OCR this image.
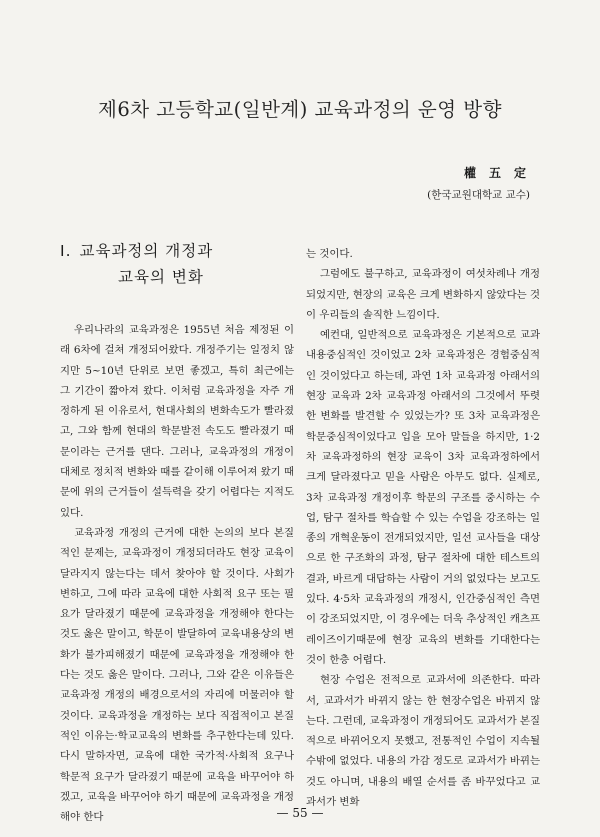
제6차 고등학교(일반계) 교육과정의 운영 방향
權五定
(한국교원대학교 교수)
Ⅰ. 교육과정의 개정과
교육의 변화

우리나라의 교육과정은 1955년 처음 제정된 이래 6차에 걸쳐 개정되어왔다. 개정주기는 일정치 않지만 5~10년 단위로 보면 좋겠고, 특히 최근에는 그 기간이 짧아져 왔다. 이처럼 교육과정을 자주 개정하게 된 이유로서, 현대사회의 변화속도가 빨라졌고, 그와 함께 현대의 학문발전 속도도 빨라졌기 때문이라는 근거를 댄다. 그러나, 교육과정의 개정이 대체로 정치적 변화와 때를 같이해 이루어져 왔기 때문에 위의 근거들이 설득력을 갖기 어렵다는 지적도 있다.

교육과정 개정의 근거에 대한 논의의 보다 본질적인 문제는, 교육과정이 개정되더라도 현장 교육이 달라지지 않는다는 데서 찾아야 할 것이다. 사회가 변하고, 그에 따라 교육에 대한 사회적 요구 또는 필요가 달라졌기 때문에 교육과정을 개정해야 한다는 것도 옳은 말이고, 학문이 발달하여 교육내용상의 변화가 불가피해졌기 때문에 교육과정을 개정해야 한다는 것도 옳은 말이다. 그러나, 그와 같은 이유들은 교육과정 개정의 배경으로서의 자리에 머물러야 할 것이다. 교육과정을 개정하는 보다 직접적이고 본질적인 이유는·학교교육의 변화를 추구한다는데 있다. 다시 말하자면, 교육에 대한 국가적·사회적 요구나 학문적 요구가 달라졌기 때문에 교육을 바꾸어야 하겠고, 교육을 바꾸어야 하기 때문에 교육과정을 개정해야 한다

는 것이다.

그럼에도 불구하고, 교육과정이 여섯차례나 개정되었지만, 현장의 교육은 크게 변화하지 않았다는 것이 우리들의 솔직한 느낌이다.

예컨대, 일반적으로 교육과정은 기본적으로 교과내용중심적인 것이었고 2차 교육과정은 경험중심적인 것이었다고 하는데, 과연 1차 교육과정 아래서의 현장 교육과 2차 교육과정 아래서의 그것에서 뚜렷한 변화를 발견할 수 있었는가? 또 3차 교육과정은 학문중심적이었다고 입을 모아 말들을 하지만, 1·2차 교육과정하의 현장 교육이 3차 교육과정하에서 크게 달라졌다고 믿을 사람은 아무도 없다. 실제로, 3차 교육과정 개정이후 학문의 구조를 중시하는 수업, 탐구 절차를 학습할 수 있는 수업을 강조하는 일종의 개혁운동이 전개되었지만, 일선 교사들을 대상으로 한 구조화의 과정, 탐구 절차에 대한 테스트의 결과, 바르게 대답하는 사람이 거의 없었다는 보고도 있다. 4·5차 교육과정의 개정시, 인간중심적인 측면이 강조되었지만, 이 경우에는 더욱 추상적인 캐츠프레이즈이기때문에 현장 교육의 변화를 기대한다는 것이 한층 어렵다.

현장 수업은 전적으로 교과서에 의존한다. 따라서, 교과서가 바뀌지 않는 한 현장수업은 바뀌지 않는다. 그런데, 교육과정이 개정되어도 교과서가 본질적으로 바뀌어오지 못했고, 전통적인 수업이 지속될 수밖에 없었다. 내용의 가감 정도로 교과서가 바뀌는 것도 아니며, 내용의 배열 순서를 좀 바꾸었다고 교과서가 변화

— 55 —
